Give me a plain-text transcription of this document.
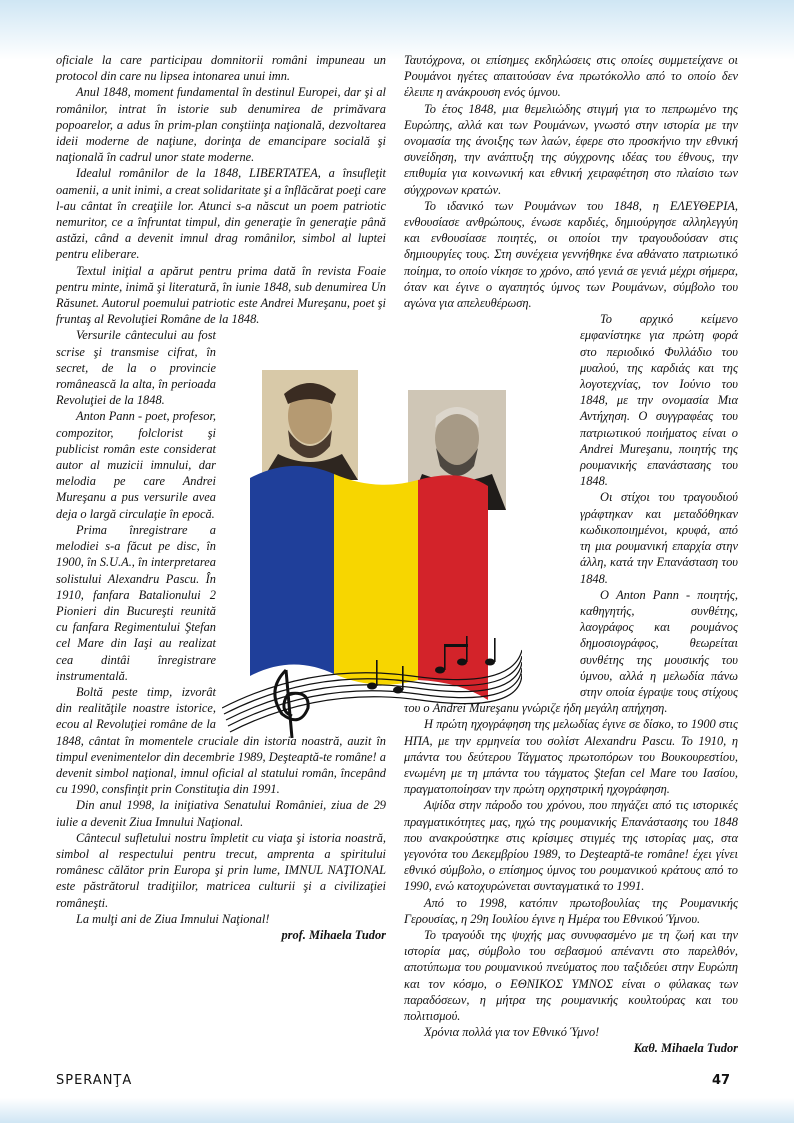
oficiale la care participau domnitorii români impuneau un protocol din care nu lipsea intonarea unui imn.

Anul 1848, moment fundamental în destinul Europei, dar şi al românilor, intrat în istorie sub denumirea de primăvara popoarelor, a adus în prim-plan conştiinţa naţională, dezvoltarea ideii moderne de naţiune, dorinţa de emancipare socială şi naţională în cadrul unor state moderne.

Idealul românilor de la 1848, LIBERTATEA, a însufleţit oamenii, a unit inimi, a creat solidaritate şi a înflăcărat poeţi care l-au cântat în creaţiile lor. Atunci s-a născut un poem patriotic nemuritor, ce a înfruntat timpul, din generaţie în generaţie până astăzi, când a devenit imnul drag românilor, simbol al luptei pentru eliberare.

Textul iniţial a apărut pentru prima dată în revista Foaie pentru minte, inimă şi literatură, în iunie 1848, sub denumirea Un Răsunet. Autorul poemului patriotic este Andrei Mureşanu, poet şi fruntaş al Revoluţiei Române de la 1848.

Versurile cântecului au fost scrise şi transmise cifrat, în secret, de la o provincie românească la alta, în perioada Revoluţiei de la 1848.

Anton Pann - poet, profesor, compozitor, folclorist şi publicist român este considerat autor al muzicii imnului, dar melodia pe care Andrei Mureşanu a pus versurile avea deja o largă circulaţie în epocă.

Prima înregistrare a melodiei s-a făcut pe disc, în 1900, în S.U.A., în interpretarea solistului Alexandru Pascu. În 1910, fanfara Batalionului 2 Pionieri din Bucureşti reunită cu fanfara Regimentului Ştefan cel Mare din Iaşi au realizat cea dintâi înregistrare instrumentală.

Boltă peste timp, izvorât din realităţile noastre istorice, ecou al Revoluţiei române de la 1848, cântat în momentele cruciale din istoria noastră, auzit în timpul evenimentelor din decembrie 1989, Deşteaptă-te române! a devenit simbol naţional, imnul oficial al statului român, începând cu 1990, consfinţit prin Constituţia din 1991.

Din anul 1998, la iniţiativa Senatului României, ziua de 29 iulie a devenit Ziua Imnului Naţional.

Cântecul sufletului nostru împletit cu viaţa şi istoria noastră, simbol al respectului pentru trecut, amprenta a spiritului românesc călător prin Europa şi prin lume, IMNUL NAŢIONAL este păstrătorul tradiţiilor, matricea culturii şi a civilizaţiei româneşti.

La mulţi ani de Ziua Imnului Naţional!

prof. Mihaela Tudor

Ταυτόχρονα, οι επίσημες εκδηλώσεις στις οποίες συμμετείχανε οι Ρουμάνοι ηγέτες απαιτούσαν ένα πρωτόκολλο από το οποίο δεν έλειπε η ανάκρουση ενός ύμνου.

Το έτος 1848, μια θεμελιώδης στιγμή για το πεπρωμένο της Ευρώπης, αλλά και των Ρουμάνων, γνωστό στην ιστορία με την ονομασία της άνοιξης των λαών, έφερε στο προσκήνιο την εθνική συνείδηση, την ανάπτυξη της σύγχρονης ιδέας του έθνους, την επιθυμία για κοινωνική και εθνική χειραφέτηση στο πλαίσιο των σύγχρονων κρατών.

Το ιδανικό των Ρουμάνων του 1848, η ΕΛΕΥΘΕΡΙΑ, ενθουσίασε ανθρώπους, ένωσε καρδιές, δημιούργησε αλληλεγγύη και ενθουσίασε ποιητές, οι οποίοι την τραγουδούσαν στις δημιουργίες τους. Στη συνέχεια γεννήθηκε ένα αθάνατο πατριωτικό ποίημα, το οποίο νίκησε το χρόνο, από γενιά σε γενιά μέχρι σήμερα, όταν και έγινε ο αγαπητός ύμνος των Ρουμάνων, σύμβολο του αγώνα για απελευθέρωση.

Το αρχικό κείμενο εμφανίστηκε για πρώτη φορά στο περιοδικό Φυλλάδιο του μυαλού, της καρδιάς και της λογοτεχνίας, τον Ιούνιο του 1848, με την ονομασία Μια Αντήχηση. Ο συγγραφέας του πατριωτικού ποιήματος είναι ο Andrei Mureşanu, ποιητής της ρουμανικής επανάστασης του 1848.

Οι στίχοι του τραγουδιού γράφτηκαν και μεταδόθηκαν κωδικοποιημένοι, κρυφά, από τη μια ρουμανική επαρχία στην άλλη, κατά την Επανάσταση του 1848.

Ο Anton Pann - ποιητής, καθηγητής, συνθέτης, λαογράφος και ρουμάνος δημοσιογράφος, θεωρείται συνθέτης της μουσικής του ύμνου, αλλά η μελωδία πάνω στην οποία έγραψε τους στίχους του ο Andrei Mureşanu γνώριζε ήδη μεγάλη απήχηση.

Η πρώτη ηχογράφηση της μελωδίας έγινε σε δίσκο, το 1900 στις ΗΠΑ, με την ερμηνεία του σολίστ Alexandru Pascu. Το 1910, η μπάντα του δεύτερου Τάγματος πρωτοπόρων του Βουκουρεστίου, ενωμένη με τη μπάντα του τάγματος Ştefan cel Mare του Ιασίου, πραγματοποίησαν την πρώτη ορχηστρική ηχογράφηση.

Αψίδα στην πάροδο του χρόνου, που πηγάζει από τις ιστορικές πραγματικότητες μας, ηχώ της ρουμανικής Επανάστασης του 1848 που ανακρούστηκε στις κρίσιμες στιγμές της ιστορίας μας, στα γεγονότα του Δεκεμβρίου 1989, το Deşteaptă-te române! έχει γίνει εθνικό σύμβολο, ο επίσημος ύμνος του ρουμανικού κράτους από το 1990, ενώ κατοχυρώνεται συνταγματικά το 1991.

Από το 1998, κατόπιν πρωτοβουλίας της Ρουμανικής Γερουσίας, η 29η Ιουλίου έγινε η Ημέρα του Εθνικού Ύμνου.

Το τραγούδι της ψυχής μας συνυφασμένο με τη ζωή και την ιστορία μας, σύμβολο του σεβασμού απέναντι στο παρελθόν, αποτύπωμα του ρουμανικού πνεύματος που ταξιδεύει στην Ευρώπη και τον κόσμο, ο ΕΘΝΙΚΟΣ ΥΜΝΟΣ είναι ο φύλακας των παραδόσεων, η μήτρα της ρουμανικής κουλτούρας και του πολιτισμού.

Χρόνια πολλά για τον Εθνικό Ύμνο!

Καθ. Mihaela Tudor

SPERANŢA	47
